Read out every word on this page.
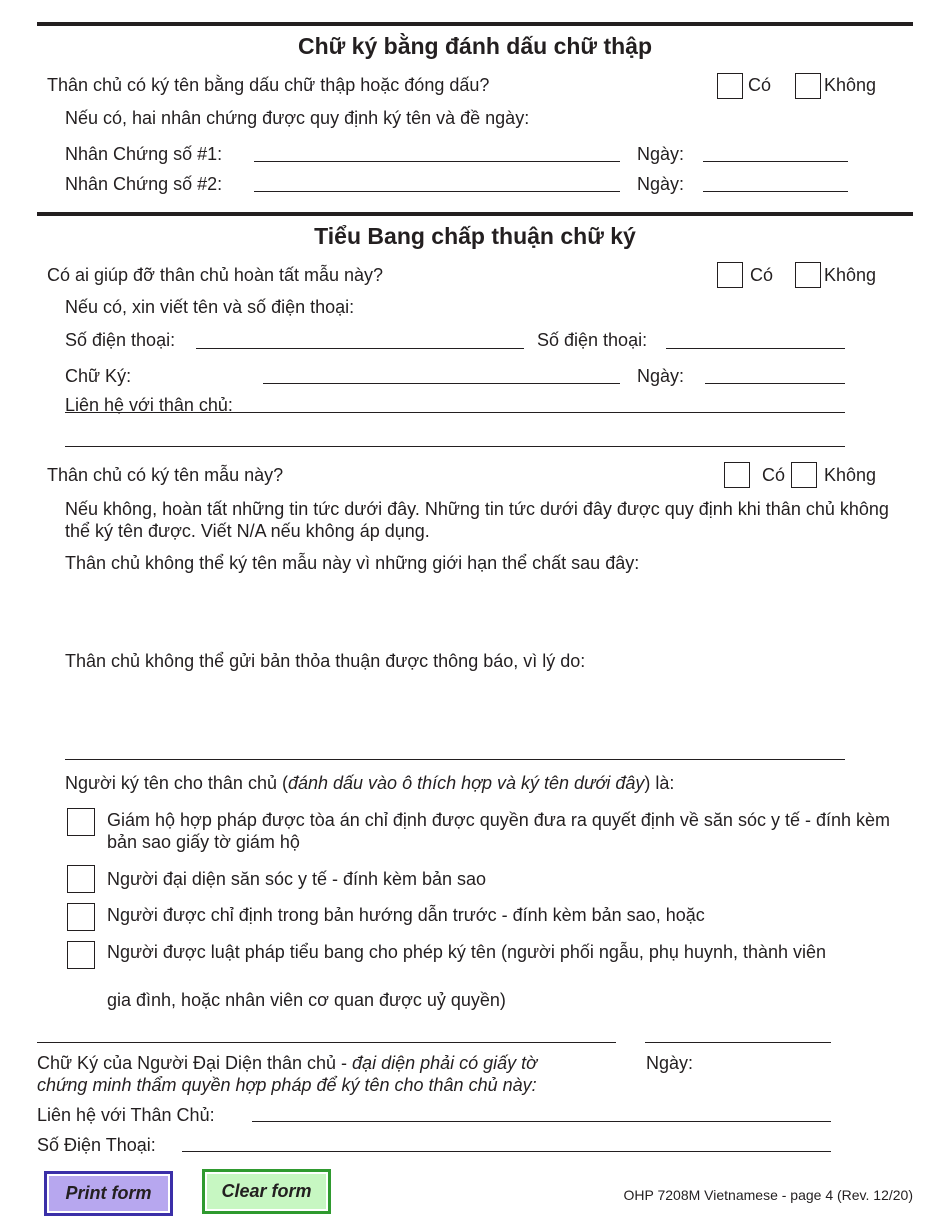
Chữ ký bằng đánh dấu chữ thập
Thân chủ có ký tên bằng dấu chữ thập hoặc đóng dấu?	Có	Không
Nếu có, hai nhân chứng được quy định ký tên và đề ngày:
Nhân Chứng số #1:	Ngày:
Nhân Chứng số #2:	Ngày:
Tiểu Bang chấp thuận chữ ký
Có ai giúp đỡ thân chủ hoàn tất mẫu này?	Có	Không
Nếu có, xin viết tên và số điện thoại:
Số điện thoại:	Số điện thoại:
Chữ Ký:	Ngày:
Liên hệ với thân chủ:
Thân chủ có ký tên mẫu này?	Có Không
Nếu không, hoàn tất những tin tức dưới đây. Những tin tức dưới đây được quy định khi thân chủ không thể ký tên được. Viết N/A nếu không áp dụng.
Thân chủ không thể ký tên mẫu này vì những giới hạn thể chất sau đây:
Thân chủ không thể gửi bản thỏa thuận được thông báo, vì lý do:
Người ký tên cho thân chủ (đánh dấu vào ô thích hợp và ký tên dưới đây) là:
Giám hộ hợp pháp được tòa án chỉ định được quyền đưa ra quyết định về săn sóc y tế - đính kèm bản sao giấy tờ giám hộ
Người đại diện săn sóc y tế - đính kèm bản sao
Người được chỉ định trong bản hướng dẫn trước - đính kèm bản sao, hoặc
Người được luật pháp tiểu bang cho phép ký tên (người phối ngẫu, phụ huynh, thành viên
gia đình, hoặc nhân viên cơ quan được uỷ quyền)
Chữ Ký của Người Đại Diện thân chủ - đại diện phải có giấy tờ
chứng minh thẩm quyền hợp pháp để ký tên cho thân chủ này:
Ngày:
Liên hệ với Thân Chủ:
Số Điện Thoại:
Print form	Clear form	OHP 7208M Vietnamese - page 4 (Rev. 12/20)
